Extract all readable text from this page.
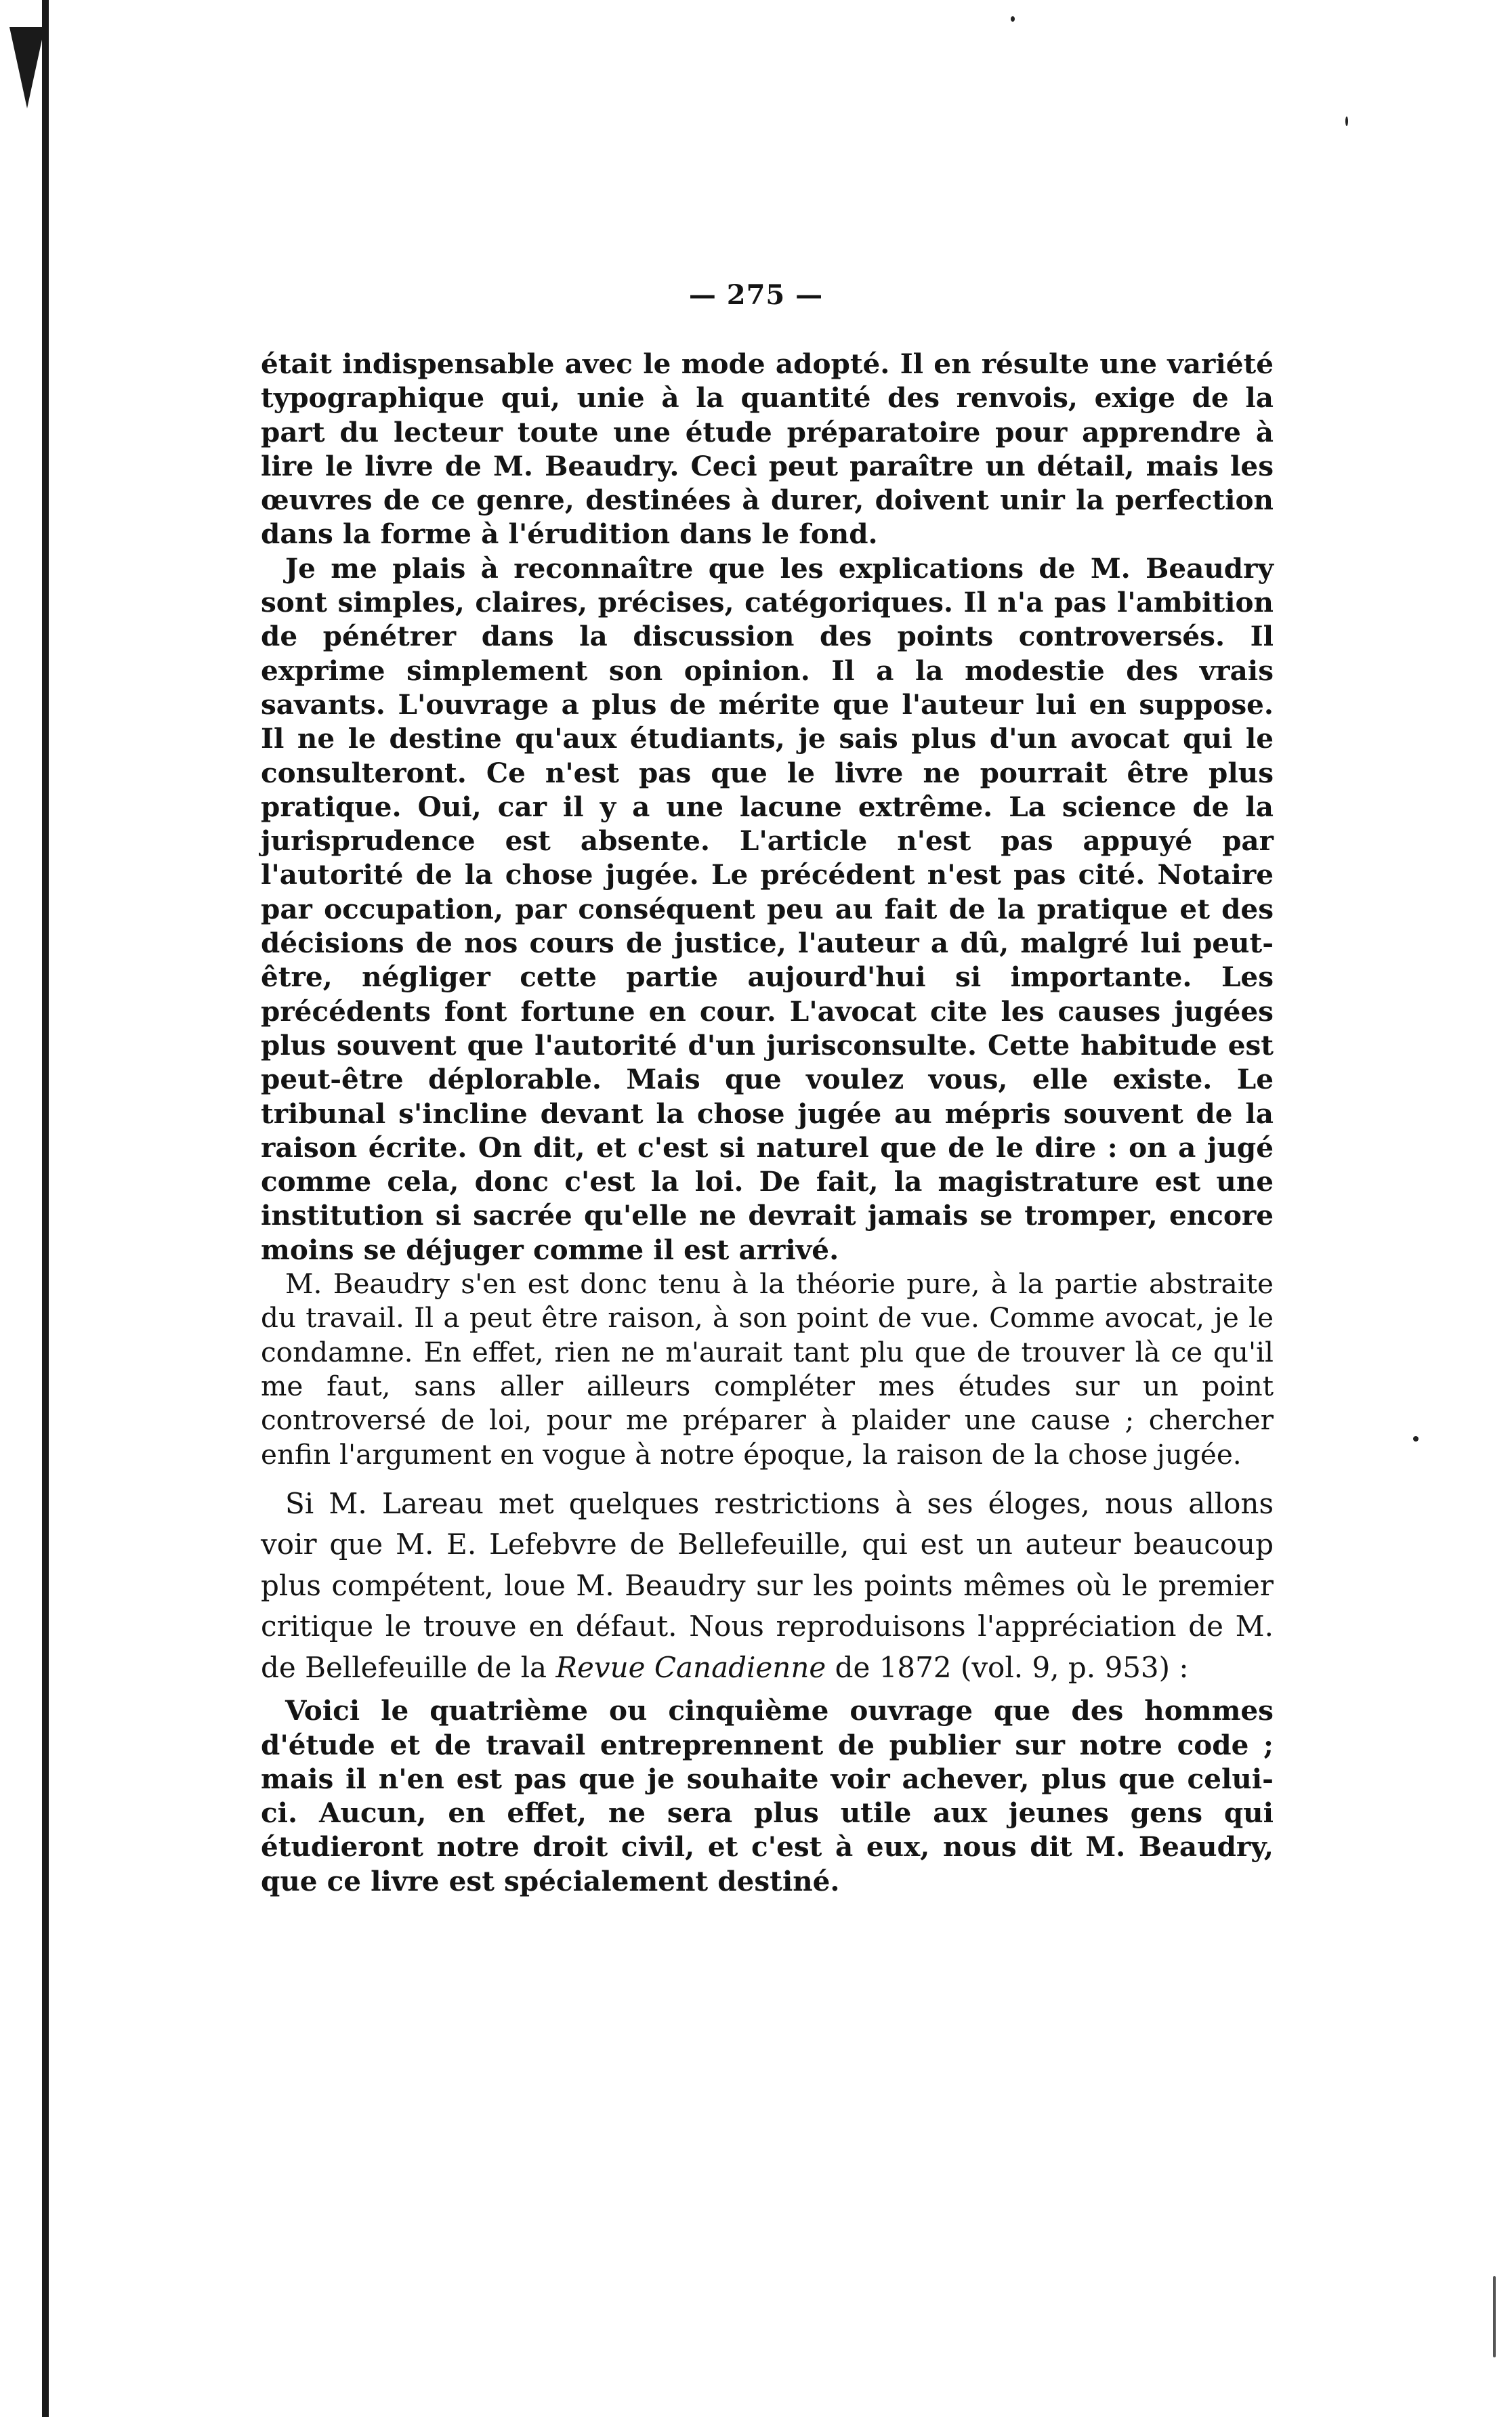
— 275 —

était indispensable avec le mode adopté. Il en résulte une variété typographique qui, unie à la quantité des renvois, exige de la part du lecteur toute une étude préparatoire pour apprendre à lire le livre de M. Beaudry. Ceci peut paraître un détail, mais les œuvres de ce genre, destinées à durer, doivent unir la perfection dans la forme à l'érudition dans le fond.

Je me plais à reconnaître que les explications de M. Beaudry sont simples, claires, précises, catégoriques. Il n'a pas l'ambition de pénétrer dans la discussion des points controversés. Il exprime simplement son opinion. Il a la modestie des vrais savants. L'ouvrage a plus de mérite que l'auteur lui en suppose. Il ne le destine qu'aux étudiants, je sais plus d'un avocat qui le consulteront. Ce n'est pas que le livre ne pourrait être plus pratique. Oui, car il y a une lacune extrême. La science de la jurisprudence est absente. L'article n'est pas appuyé par l'autorité de la chose jugée. Le précédent n'est pas cité. Notaire par occupation, par conséquent peu au fait de la pratique et des décisions de nos cours de justice, l'auteur a dû, malgré lui peut-être, négliger cette partie aujourd'hui si importante. Les précédents font fortune en cour. L'avocat cite les causes jugées plus souvent que l'autorité d'un jurisconsulte. Cette habitude est peut-être déplorable. Mais que voulez vous, elle existe. Le tribunal s'incline devant la chose jugée au mépris souvent de la raison écrite. On dit, et c'est si naturel que de le dire : on a jugé comme cela, donc c'est la loi. De fait, la magistrature est une institution si sacrée qu'elle ne devrait jamais se tromper, encore moins se déjuger comme il est arrivé.

M. Beaudry s'en est donc tenu à la théorie pure, à la partie abstraite du travail. Il a peut être raison, à son point de vue. Comme avocat, je le condamne. En effet, rien ne m'aurait tant plu que de trouver là ce qu'il me faut, sans aller ailleurs compléter mes études sur un point controversé de loi, pour me préparer à plaider une cause ; chercher enfin l'argument en vogue à notre époque, la raison de la chose jugée.

Si M. Lareau met quelques restrictions à ses éloges, nous allons voir que M. E. Lefebvre de Bellefeuille, qui est un auteur beaucoup plus compétent, loue M. Beaudry sur les points mêmes où le premier critique le trouve en défaut. Nous reproduisons l'appréciation de M. de Bellefeuille de la Revue Canadienne de 1872 (vol. 9, p. 953) :

Voici le quatrième ou cinquième ouvrage que des hommes d'étude et de travail entreprennent de publier sur notre code ; mais il n'en est pas que je souhaite voir achever, plus que celui-ci. Aucun, en effet, ne sera plus utile aux jeunes gens qui étudieront notre droit civil, et c'est à eux, nous dit M. Beaudry, que ce livre est spécialement destiné.
